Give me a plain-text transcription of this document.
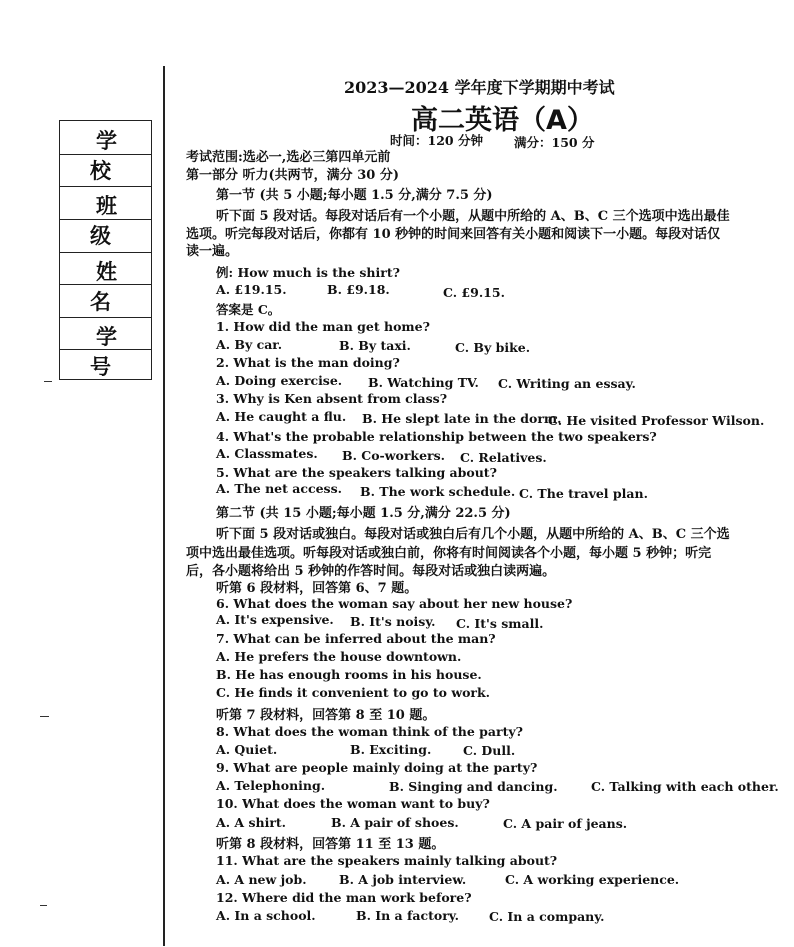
学 校
班 级
姓 名
学 号
2023—2024 学年度下学期期中考试
高二英语（A）
时间：120 分钟 满分：150 分
考试范围:选必一,选必三第四单元前
第一部分 听力(共两节，满分 30 分)
第一节 (共 5 小题;每小题 1.5 分,满分 7.5 分)
听下面 5 段对话。每段对话后有一个小题，从题中所给的 A、B、C 三个选项中选出最佳
选项。听完每段对话后，你都有 10 秒钟的时间来回答有关小题和阅读下一小题。每段对话仅
读一遍。
例: How much is the shirt?
A. £19.15.	B. £9.18.	C. £9.15.
答案是 C。
1. How did the man get home?
A. By car.	B. By taxi.	C. By bike.
2. What is the man doing?
A. Doing exercise. B. Watching TV. C. Writing an essay.
3. Why is Ken absent from class?
A. He caught a flu. B. He slept late in the dorm.
C. He visited Professor Wilson.
4. What's the probable relationship between the two speakers?
A. Classmates. B. Co-workers. C. Relatives.
5. What are the speakers talking about?
A. The net access. B. The work schedule. C. The travel plan.
第二节 (共 15 小题;每小题 1.5 分,满分 22.5 分)
听下面 5 段对话或独白。每段对话或独白后有几个小题，从题中所给的 A、B、C 三个选
项中选出最佳选项。听每段对话或独白前，你将有时间阅读各个小题，每小题 5 秒钟；听完
后，各小题将给出 5 秒钟的作答时间。每段对话或独白读两遍。
听第 6 段材料，回答第 6、7 题。
6. What does the woman say about her new house?
A. It's expensive. B. It's noisy. C. It's small.
7. What can be inferred about the man?
A. He prefers the house downtown.
B. He has enough rooms in his house.
C. He finds it convenient to go to work.
听第 7 段材料，回答第 8 至 10 题。
8. What does the woman think of the party?
A. Quiet.	B. Exciting.	C. Dull.
9. What are people mainly doing at the party?
A. Telephoning.	B. Singing and dancing.	C. Talking with each other.
10. What does the woman want to buy?
A. A shirt.	B. A pair of shoes.	C. A pair of jeans.
听第 8 段材料，回答第 11 至 13 题。
11. What are the speakers mainly talking about?
A. A new job.	B. A job interview.	C. A working experience.
12. Where did the man work before?
A. In a school.	B. In a factory. C. In a company.
